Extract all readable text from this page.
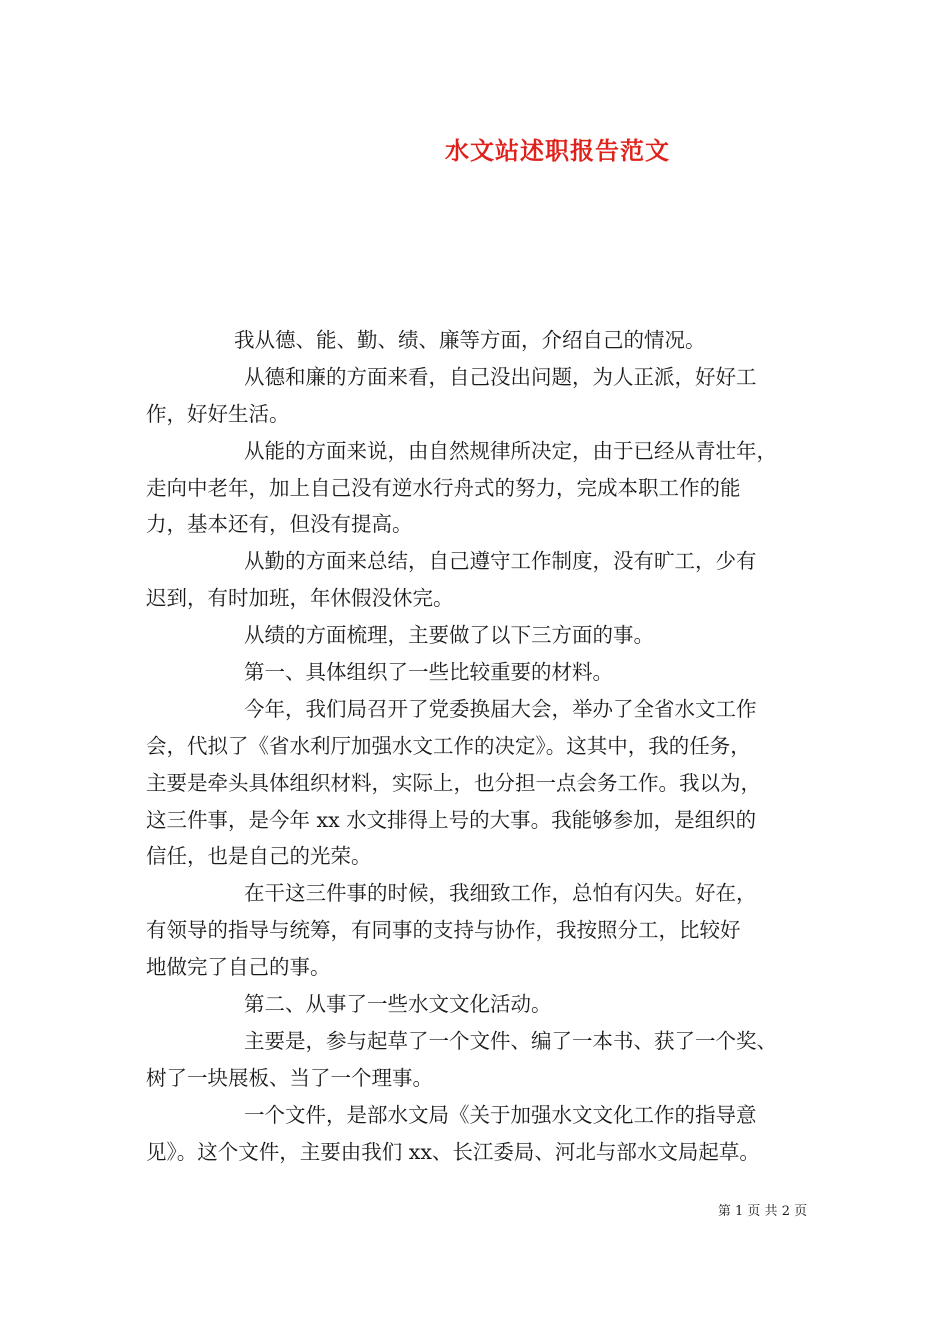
水文站述职报告范文
我从德、能、勤、绩、廉等方面，介绍自己的情况。
从德和廉的方面来看，自己没出问题，为人正派，好好工
作，好好生活。
从能的方面来说，由自然规律所决定，由于已经从青壮年，
走向中老年，加上自己没有逆水行舟式的努力，完成本职工作的能
力，基本还有，但没有提高。
从勤的方面来总结，自己遵守工作制度，没有旷工，少有
迟到，有时加班，年休假没休完。
从绩的方面梳理，主要做了以下三方面的事。
第一、具体组织了一些比较重要的材料。
今年，我们局召开了党委换届大会，举办了全省水文工作
会，代拟了《省水利厅加强水文工作的决定》。这其中，我的任务，
主要是牵头具体组织材料，实际上，也分担一点会务工作。我以为，
这三件事，是今年 xx 水文排得上号的大事。我能够参加，是组织的
信任，也是自己的光荣。
在干这三件事的时候，我细致工作，总怕有闪失。好在，
有领导的指导与统筹，有同事的支持与协作，我按照分工，比较好
地做完了自己的事。
第二、从事了一些水文文化活动。
主要是，参与起草了一个文件、编了一本书、获了一个奖、
树了一块展板、当了一个理事。
一个文件，是部水文局《关于加强水文文化工作的指导意
见》。这个文件，主要由我们 xx、长江委局、河北与部水文局起草。
第 1 页 共 2 页
